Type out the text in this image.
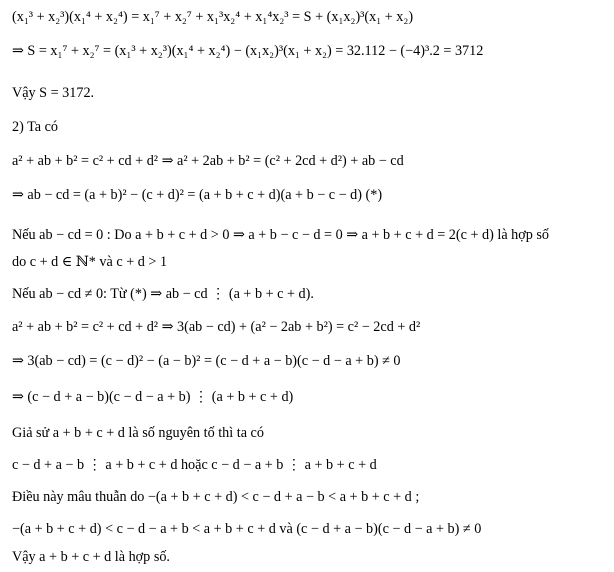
(x₁³ + x₂³)(x₁⁴ + x₂⁴) = x₁⁷ + x₂⁷ + x₁³x₂⁴ + x₁⁴x₂³ = S + (x₁x₂)³(x₁ + x₂)
⇒ S = x₁⁷ + x₂⁷ = (x₁³ + x₂³)(x₁⁴ + x₂⁴) − (x₁x₂)³(x₁ + x₂) = 32.112 − (−4)³.2 = 3712
Vậy S = 3172.
2) Ta có
a² + ab + b² = c² + cd + d² ⇒ a² + 2ab + b² = (c² + 2cd + d²) + ab − cd
⇒ ab − cd = (a + b)² − (c + d)² = (a + b + c + d)(a + b − c − d) (*)
Nếu ab − cd = 0 : Do a + b + c + d > 0 ⇒ a + b − c − d = 0 ⇒ a + b + c + d = 2(c + d) là hợp số
do c + d ∈ ℕ* và c + d > 1
Nếu ab − cd ≠ 0: Từ (*) ⇒ ab − cd ⋮ (a + b + c + d).
a² + ab + b² = c² + cd + d² ⇒ 3(ab − cd) + (a² − 2ab + b²) = c² − 2cd + d²
⇒ 3(ab − cd) = (c − d)² − (a − b)² = (c − d + a − b)(c − d − a + b) ≠ 0
⇒ (c − d + a − b)(c − d − a + b) ⋮ (a + b + c + d)
Giả sử a + b + c + d là số nguyên tố thì ta có
c − d + a − b ⋮ a + b + c + d hoặc c − d − a + b ⋮ a + b + c + d
Điều này mâu thuẫn do −(a + b + c + d) < c − d + a − b < a + b + c + d ;
−(a + b + c + d) < c − d − a + b < a + b + c + d và (c − d + a − b)(c − d − a + b) ≠ 0
Vậy a + b + c + d là hợp số.
